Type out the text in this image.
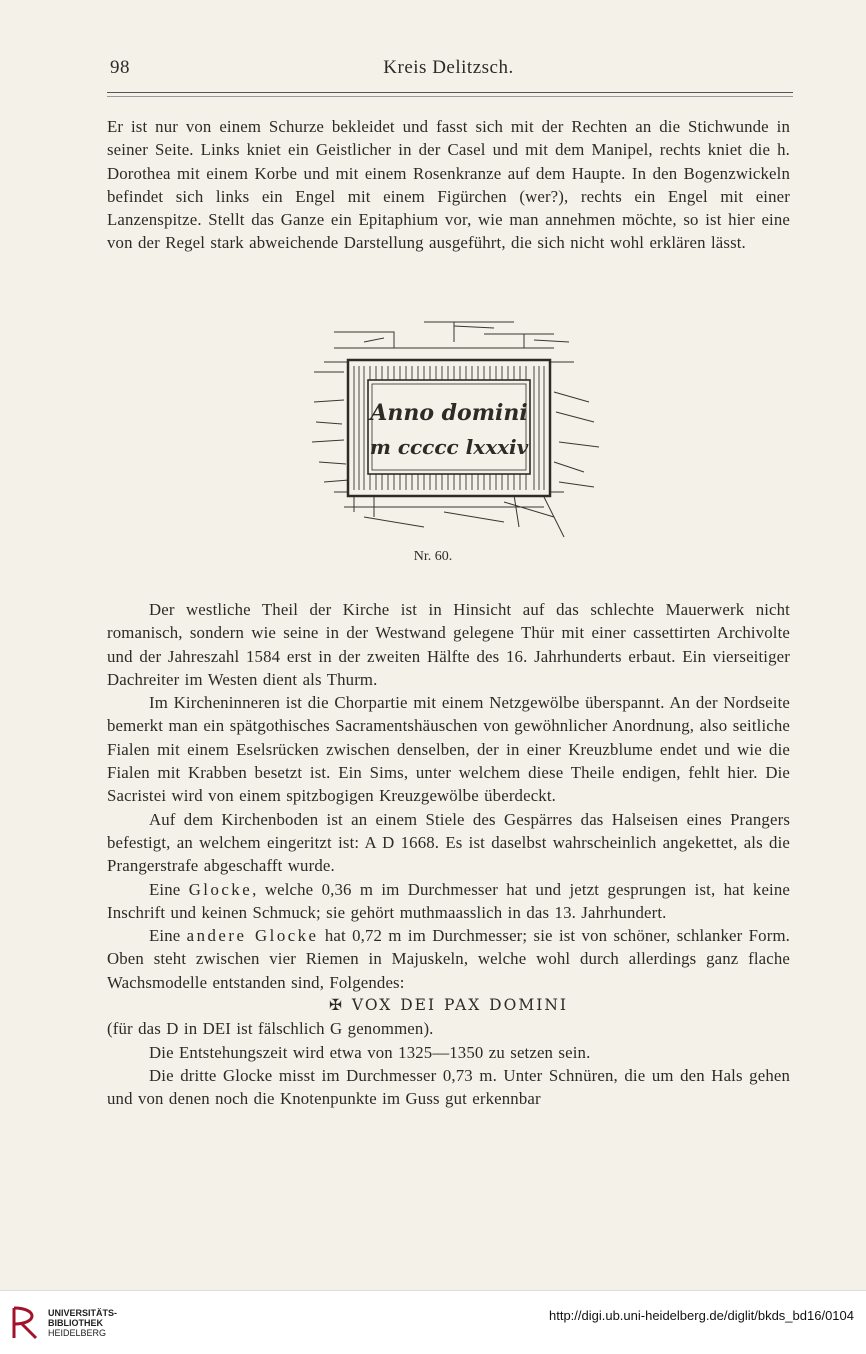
98	Kreis Delitzsch.

Er ist nur von einem Schurze bekleidet und fasst sich mit der Rechten an die Stichwunde in seiner Seite. Links kniet ein Geistlicher in der Casel und mit dem Manipel, rechts kniet die h. Dorothea mit einem Korbe und mit einem Rosenkranze auf dem Haupte. In den Bogenzwickeln befindet sich links ein Engel mit einem Figürchen (wer?), rechts ein Engel mit einer Lanzenspitze. Stellt das Ganze ein Epitaphium vor, wie man annehmen möchte, so ist hier eine von der Regel stark abweichende Darstellung ausgeführt, die sich nicht wohl erklären lässt.

Anno domini
m ccccc lxxxiv
Nr. 60.

Der westliche Theil der Kirche ist in Hinsicht auf das schlechte Mauerwerk nicht romanisch, sondern wie seine in der Westwand gelegene Thür mit einer cassettirten Archivolte und der Jahreszahl 1584 erst in der zweiten Hälfte des 16. Jahrhunderts erbaut. Ein vierseitiger Dachreiter im Westen dient als Thurm.

Im Kircheninneren ist die Chorpartie mit einem Netzgewölbe überspannt. An der Nordseite bemerkt man ein spätgothisches Sacramentshäuschen von gewöhnlicher Anordnung, also seitliche Fialen mit einem Eselsrücken zwischen denselben, der in einer Kreuzblume endet und wie die Fialen mit Krabben besetzt ist. Ein Sims, unter welchem diese Theile endigen, fehlt hier. Die Sacristei wird von einem spitzbogigen Kreuzgewölbe überdeckt.

Auf dem Kirchenboden ist an einem Stiele des Gespärres das Halseisen eines Prangers befestigt, an welchem eingeritzt ist: A D 1668. Es ist daselbst wahrscheinlich angekettet, als die Prangerstrafe abgeschafft wurde.

Eine Glocke, welche 0,36 m im Durchmesser hat und jetzt gesprungen ist, hat keine Inschrift und keinen Schmuck; sie gehört muthmaasslich in das 13. Jahrhundert.

Eine andere Glocke hat 0,72 m im Durchmesser; sie ist von schöner, schlanker Form. Oben steht zwischen vier Riemen in Majuskeln, welche wohl durch allerdings ganz flache Wachsmodelle entstanden sind, Folgendes:

✠ VOX DEI PAX DOMINI

(für das D in DEI ist fälschlich G genommen).

Die Entstehungszeit wird etwa von 1325—1350 zu setzen sein.

Die dritte Glocke misst im Durchmesser 0,73 m. Unter Schnüren, die um den Hals gehen und von denen noch die Knotenpunkte im Guss gut erkennbar

UNIVERSITÄTS-
BIBLIOTHEK
HEIDELBERG
http://digi.ub.uni-heidelberg.de/diglit/bkds_bd16/0104
